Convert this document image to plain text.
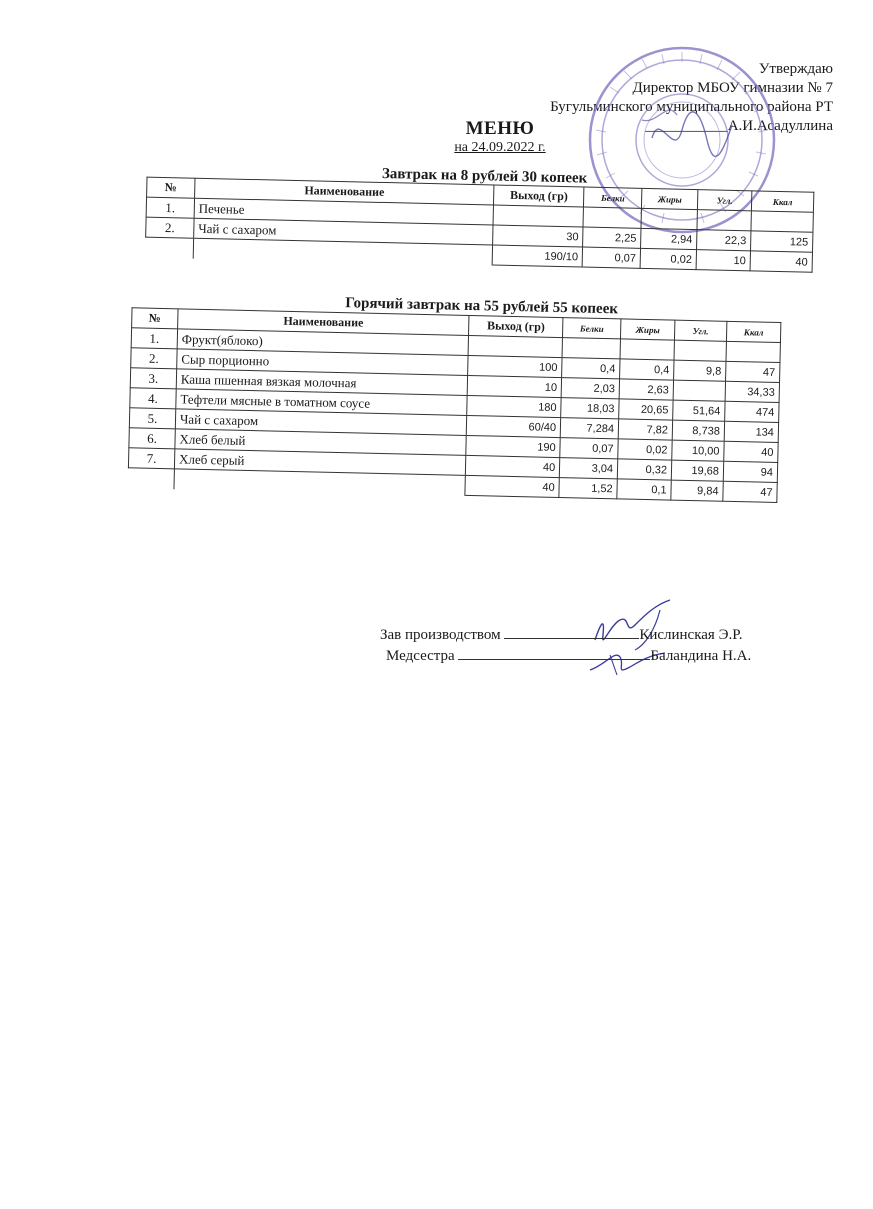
Утверждаю
Директор МБОУ гимназии № 7
Бугульминского муниципального района РТ
___________А.И.Асадуллина
МЕНЮ
на 24.09.2022 г.
Завтрак на 8 рублей 30 копеек
№	Наименование	Выход (гр)	Белки	Жиры	Угл.	Ккал
1.	Печенье					
2.	Чай с сахаром	30	2,25	2,94	22,3	125
		190/10	0,07	0,02	10	40
Горячий завтрак на 55 рублей 55 копеек
№	Наименование	Выход (гр)	Белки	Жиры	Угл.	Ккал
1.	Фрукт(яблоко)					
2.	Сыр порционно	100	0,4	0,4	9,8	47
3.	Каша пшенная вязкая молочная	10	2,03	2,63		34,33
4.	Тефтели мясные в томатном соусе	180	18,03	20,65	51,64	474
5.	Чай с сахаром	60/40	7,284	7,82	8,738	134
6.	Хлеб белый	190	0,07	0,02	10,00	40
7.	Хлеб серый	40	3,04	0,32	19,68	94
		40	1,52	0,1	9,84	47
Зав производством	Кислинская Э.Р.
Медсестра	Баландина Н.А.
